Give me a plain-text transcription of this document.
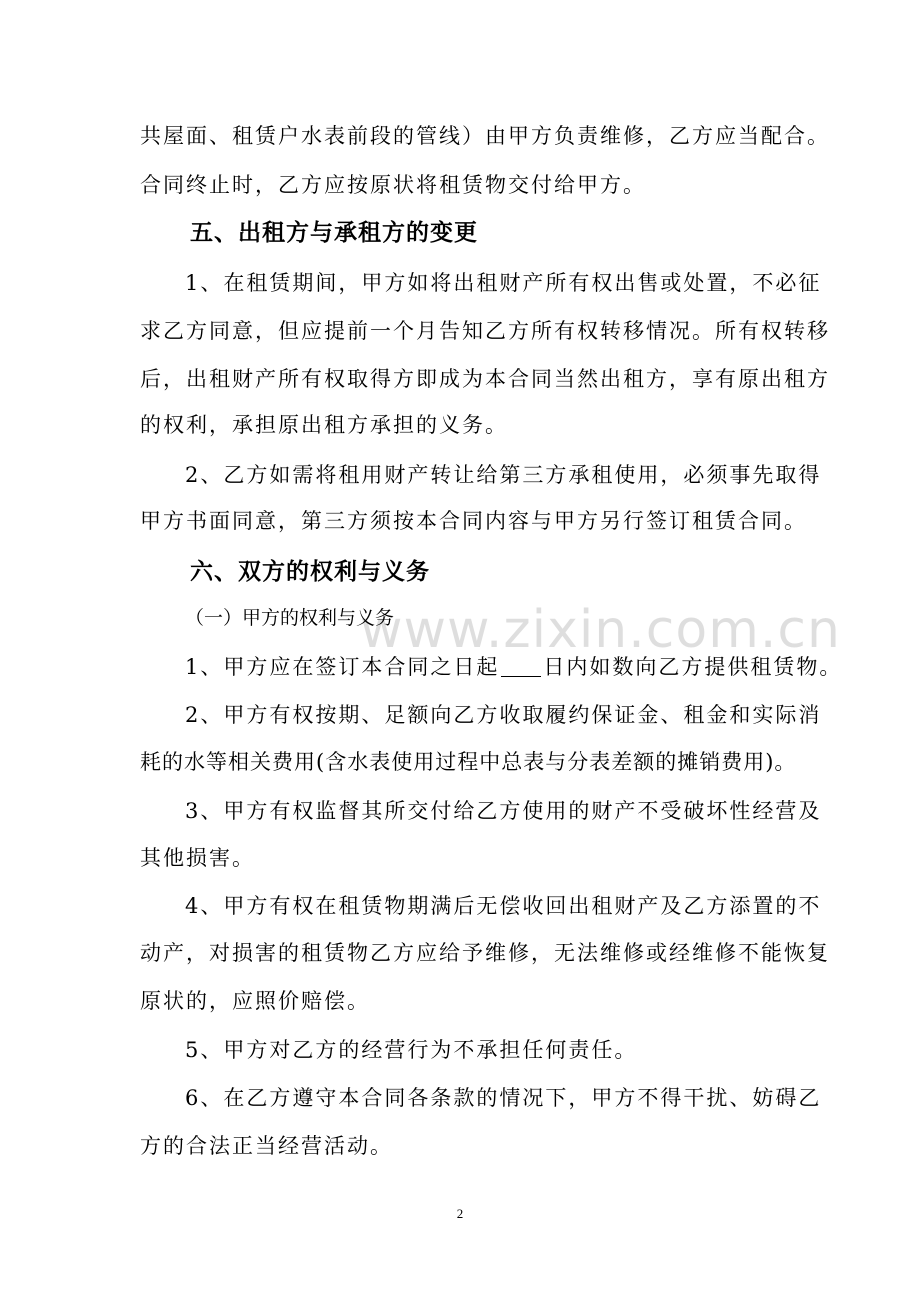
共屋面、租赁户水表前段的管线）由甲方负责维修，乙方应当配合。
合同终止时，乙方应按原状将租赁物交付给甲方。
五、出租方与承租方的变更
1、在租赁期间，甲方如将出租财产所有权出售或处置，不必征
求乙方同意，但应提前一个月告知乙方所有权转移情况。所有权转移
后，出租财产所有权取得方即成为本合同当然出租方，享有原出租方
的权利，承担原出租方承担的义务。
2、乙方如需将租用财产转让给第三方承租使用，必须事先取得
甲方书面同意，第三方须按本合同内容与甲方另行签订租赁合同。
六、双方的权利与义务
（一）甲方的权利与义务
www.zixin.com.cn
1、甲方应在签订本合同之日起 日内如数向乙方提供租赁物。
2、甲方有权按期、足额向乙方收取履约保证金、租金和实际消
耗的水等相关费用(含水表使用过程中总表与分表差额的摊销费用)。
3、甲方有权监督其所交付给乙方使用的财产不受破坏性经营及
其他损害。
4、甲方有权在租赁物期满后无偿收回出租财产及乙方添置的不
动产，对损害的租赁物乙方应给予维修，无法维修或经维修不能恢复
原状的，应照价赔偿。
5、甲方对乙方的经营行为不承担任何责任。
6、在乙方遵守本合同各条款的情况下，甲方不得干扰、妨碍乙
方的合法正当经营活动。
2
